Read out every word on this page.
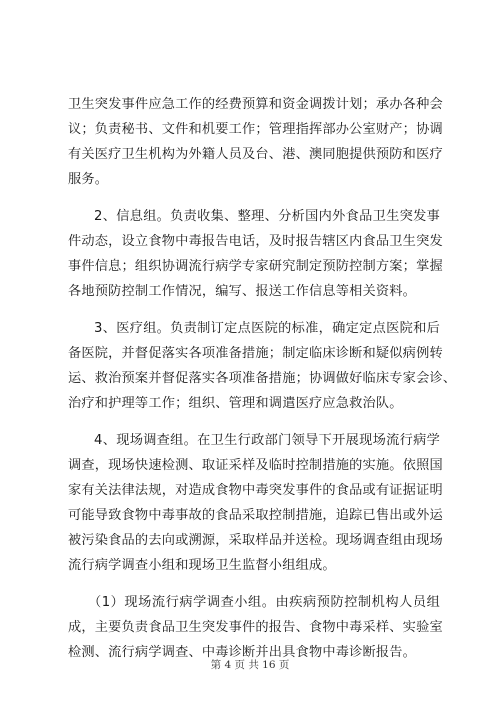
卫生突发事件应急工作的经费预算和资金调拨计划；承办各种会
议；负责秘书、文件和机要工作；管理指挥部办公室财产；协调
有关医疗卫生机构为外籍人员及台、港、澳同胞提供预防和医疗
服务。

2、信息组。负责收集、整理、分析国内外食品卫生突发事
件动态，设立食物中毒报告电话，及时报告辖区内食品卫生突发
事件信息；组织协调流行病学专家研究制定预防控制方案；掌握
各地预防控制工作情况，编写、报送工作信息等相关资料。

3、医疗组。负责制订定点医院的标准，确定定点医院和后
备医院，并督促落实各项准备措施；制定临床诊断和疑似病例转
运、救治预案并督促落实各项准备措施；协调做好临床专家会诊、
治疗和护理等工作；组织、管理和调遣医疗应急救治队。

4、现场调查组。在卫生行政部门领导下开展现场流行病学
调查，现场快速检测、取证采样及临时控制措施的实施。依照国
家有关法律法规，对造成食物中毒突发事件的食品或有证据证明
可能导致食物中毒事故的食品采取控制措施，追踪已售出或外运
被污染食品的去向或溯源，采取样品并送检。现场调查组由现场
流行病学调查小组和现场卫生监督小组组成。

（1）现场流行病学调查小组。由疾病预防控制机构人员组
成，主要负责食品卫生突发事件的报告、食物中毒采样、实验室
检测、流行病学调查、中毒诊断并出具食物中毒诊断报告。

第 4 页 共 16 页
